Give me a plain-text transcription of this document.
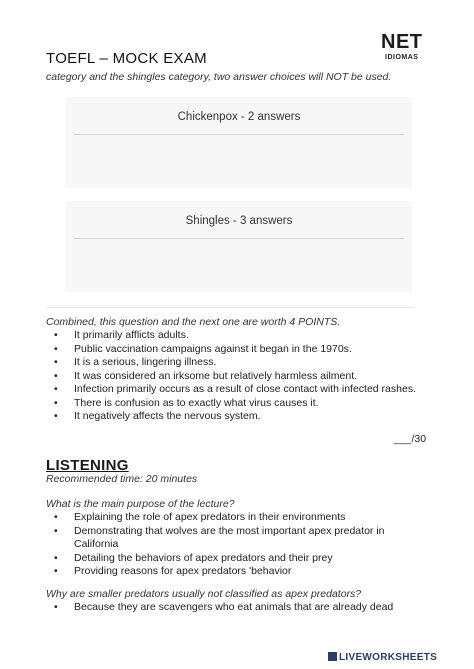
TOEFL – MOCK EXAM
NET
IDIOMAS
category and the shingles category, two answer choices will NOT be used.
Chickenpox - 2 answers
Shingles - 3 answers
Combined, this question and the next one are worth 4 POINTS.
• It primarily afflicts adults.
• Public vaccination campaigns against it began in the 1970s.
• It is a serious, lingering illness.
• It was considered an irksome but relatively harmless ailment.
• Infection primarily occurs as a result of close contact with infected rashes.
• There is confusion as to exactly what virus causes it.
• It negatively affects the nervous system.
___/30
LISTENING
Recommended time: 20 minutes
What is the main purpose of the lecture?
• Explaining the role of apex predators in their environments
• Demonstrating that wolves are the most important apex predator in
California
• Detailing the behaviors of apex predators and their prey
• Providing reasons for apex predators 'behavior
Why are smaller predators usually not classified as apex predators?
• Because they are scavengers who eat animals that are already dead
LIVEWORKSHEETS
